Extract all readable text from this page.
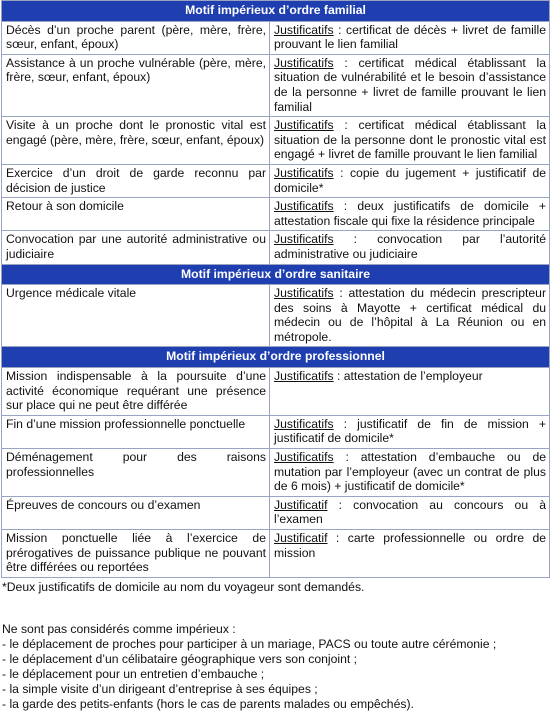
Motif impérieux d’ordre familial	
Décès d’un proche parent (père, mère, frère, sœur, enfant, époux)	Justificatifs : certificat de décès + livret de famille prouvant le lien familial
Assistance à un proche vulnérable (père, mère, frère, sœur, enfant, époux)	Justificatifs : certificat médical établissant la situation de vulnérabilité et le besoin d’assistance de la personne + livret de famille prouvant le lien familial
Visite à un proche dont le pronostic vital est engagé (père, mère, frère, sœur, enfant, époux)	Justificatifs : certificat médical établissant la situation de la personne dont le pronostic vital est engagé + livret de famille prouvant le lien familial
Exercice d’un droit de garde reconnu par décision de justice	Justificatifs : copie du jugement + justificatif de domicile*
Retour à son domicile	Justificatifs : deux justificatifs de domicile + attestation fiscale qui fixe la résidence principale
Convocation par une autorité administrative ou judiciaire	Justificatifs : convocation par l’autorité administrative ou judiciaire
Motif impérieux d’ordre sanitaire	
Urgence médicale vitale	Justificatifs : attestation du médecin prescripteur des soins à Mayotte + certificat médical du médecin ou de l’hôpital à La Réunion ou en métropole.
Motif impérieux d’ordre professionnel	
Mission indispensable à la poursuite d’une activité économique requérant une présence sur place qui ne peut être différée	Justificatifs : attestation de l’employeur
Fin d’une mission professionnelle ponctuelle	Justificatifs : justificatif de fin de mission + justificatif de domicile*
Déménagement pour des raisons professionnelles	Justificatifs : attestation d’embauche ou de mutation par l’employeur (avec un contrat de plus de 6 mois) + justificatif de domicile*
Épreuves de concours ou d’examen	Justificatif : convocation au concours ou à l’examen
Mission ponctuelle liée à l’exercice de prérogatives de puissance publique ne pouvant être différées ou reportées	Justificatif : carte professionnelle ou ordre de mission
*Deux justificatifs de domicile au nom du voyageur sont demandés.
Ne sont pas considérés comme impérieux :
- le déplacement de proches pour participer à un mariage, PACS ou toute autre cérémonie ;
- le déplacement d’un célibataire géographique vers son conjoint ;
- le déplacement pour un entretien d’embauche ;
- la simple visite d’un dirigeant d’entreprise à ses équipes ;
- la garde des petits-enfants (hors le cas de parents malades ou empêchés).
